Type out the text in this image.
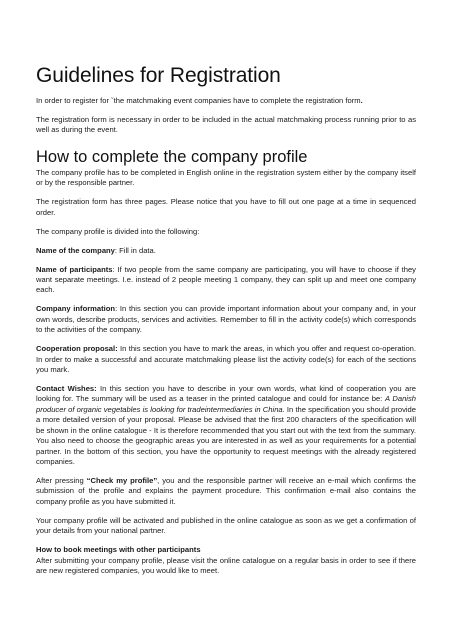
Guidelines for Registration

In order to register for ˇthe matchmaking event companies have to complete the registration form.

The registration form is necessary in order to be included in the actual matchmaking process running prior to as well as during the event.

How to complete the company profile

The company profile has to be completed in English online in the registration system either by the company itself or by the responsible partner.

The registration form has three pages. Please notice that you have to fill out one page at a time in sequenced order.

The company profile is divided into the following:

Name of the company: Fill in data.

Name of participants: If two people from the same company are participating, you will have to choose if they want separate meetings. I.e. instead of 2 people meeting 1 company, they can split up and meet one company each.

Company information: In this section you can provide important information about your company and, in your own words, describe products, services and activities. Remember to fill in the activity code(s) which corresponds to the activities of the company.

Cooperation proposal: In this section you have to mark the areas, in which you offer and request co-operation. In order to make a successful and accurate matchmaking please list the activity code(s) for each of the sections you mark.

Contact Wishes: In this section you have to describe in your own words, what kind of cooperation you are looking for. The summary will be used as a teaser in the printed catalogue and could for instance be: A Danish producer of organic vegetables is looking for tradeintermediaries in China. In the specification you should provide a more detailed version of your proposal. Please be advised that the first 200 characters of the specification will be shown in the online catalogue - It is therefore recommended that you start out with the text from the summary. You also need to choose the geographic areas you are interested in as well as your requirements for a potential partner. In the bottom of this section, you have the opportunity to request meetings with the already registered companies.

After pressing “Check my profile”, you and the responsible partner will receive an e-mail which confirms the submission of the profile and explains the payment procedure. This confirmation e-mail also contains the company profile as you have submitted it.

Your company profile will be activated and published in the online catalogue as soon as we get a confirmation of your details from your national partner.

How to book meetings with other participants

After submitting your company profile, please visit the online catalogue on a regular basis in order to see if there are new registered companies, you would like to meet.
